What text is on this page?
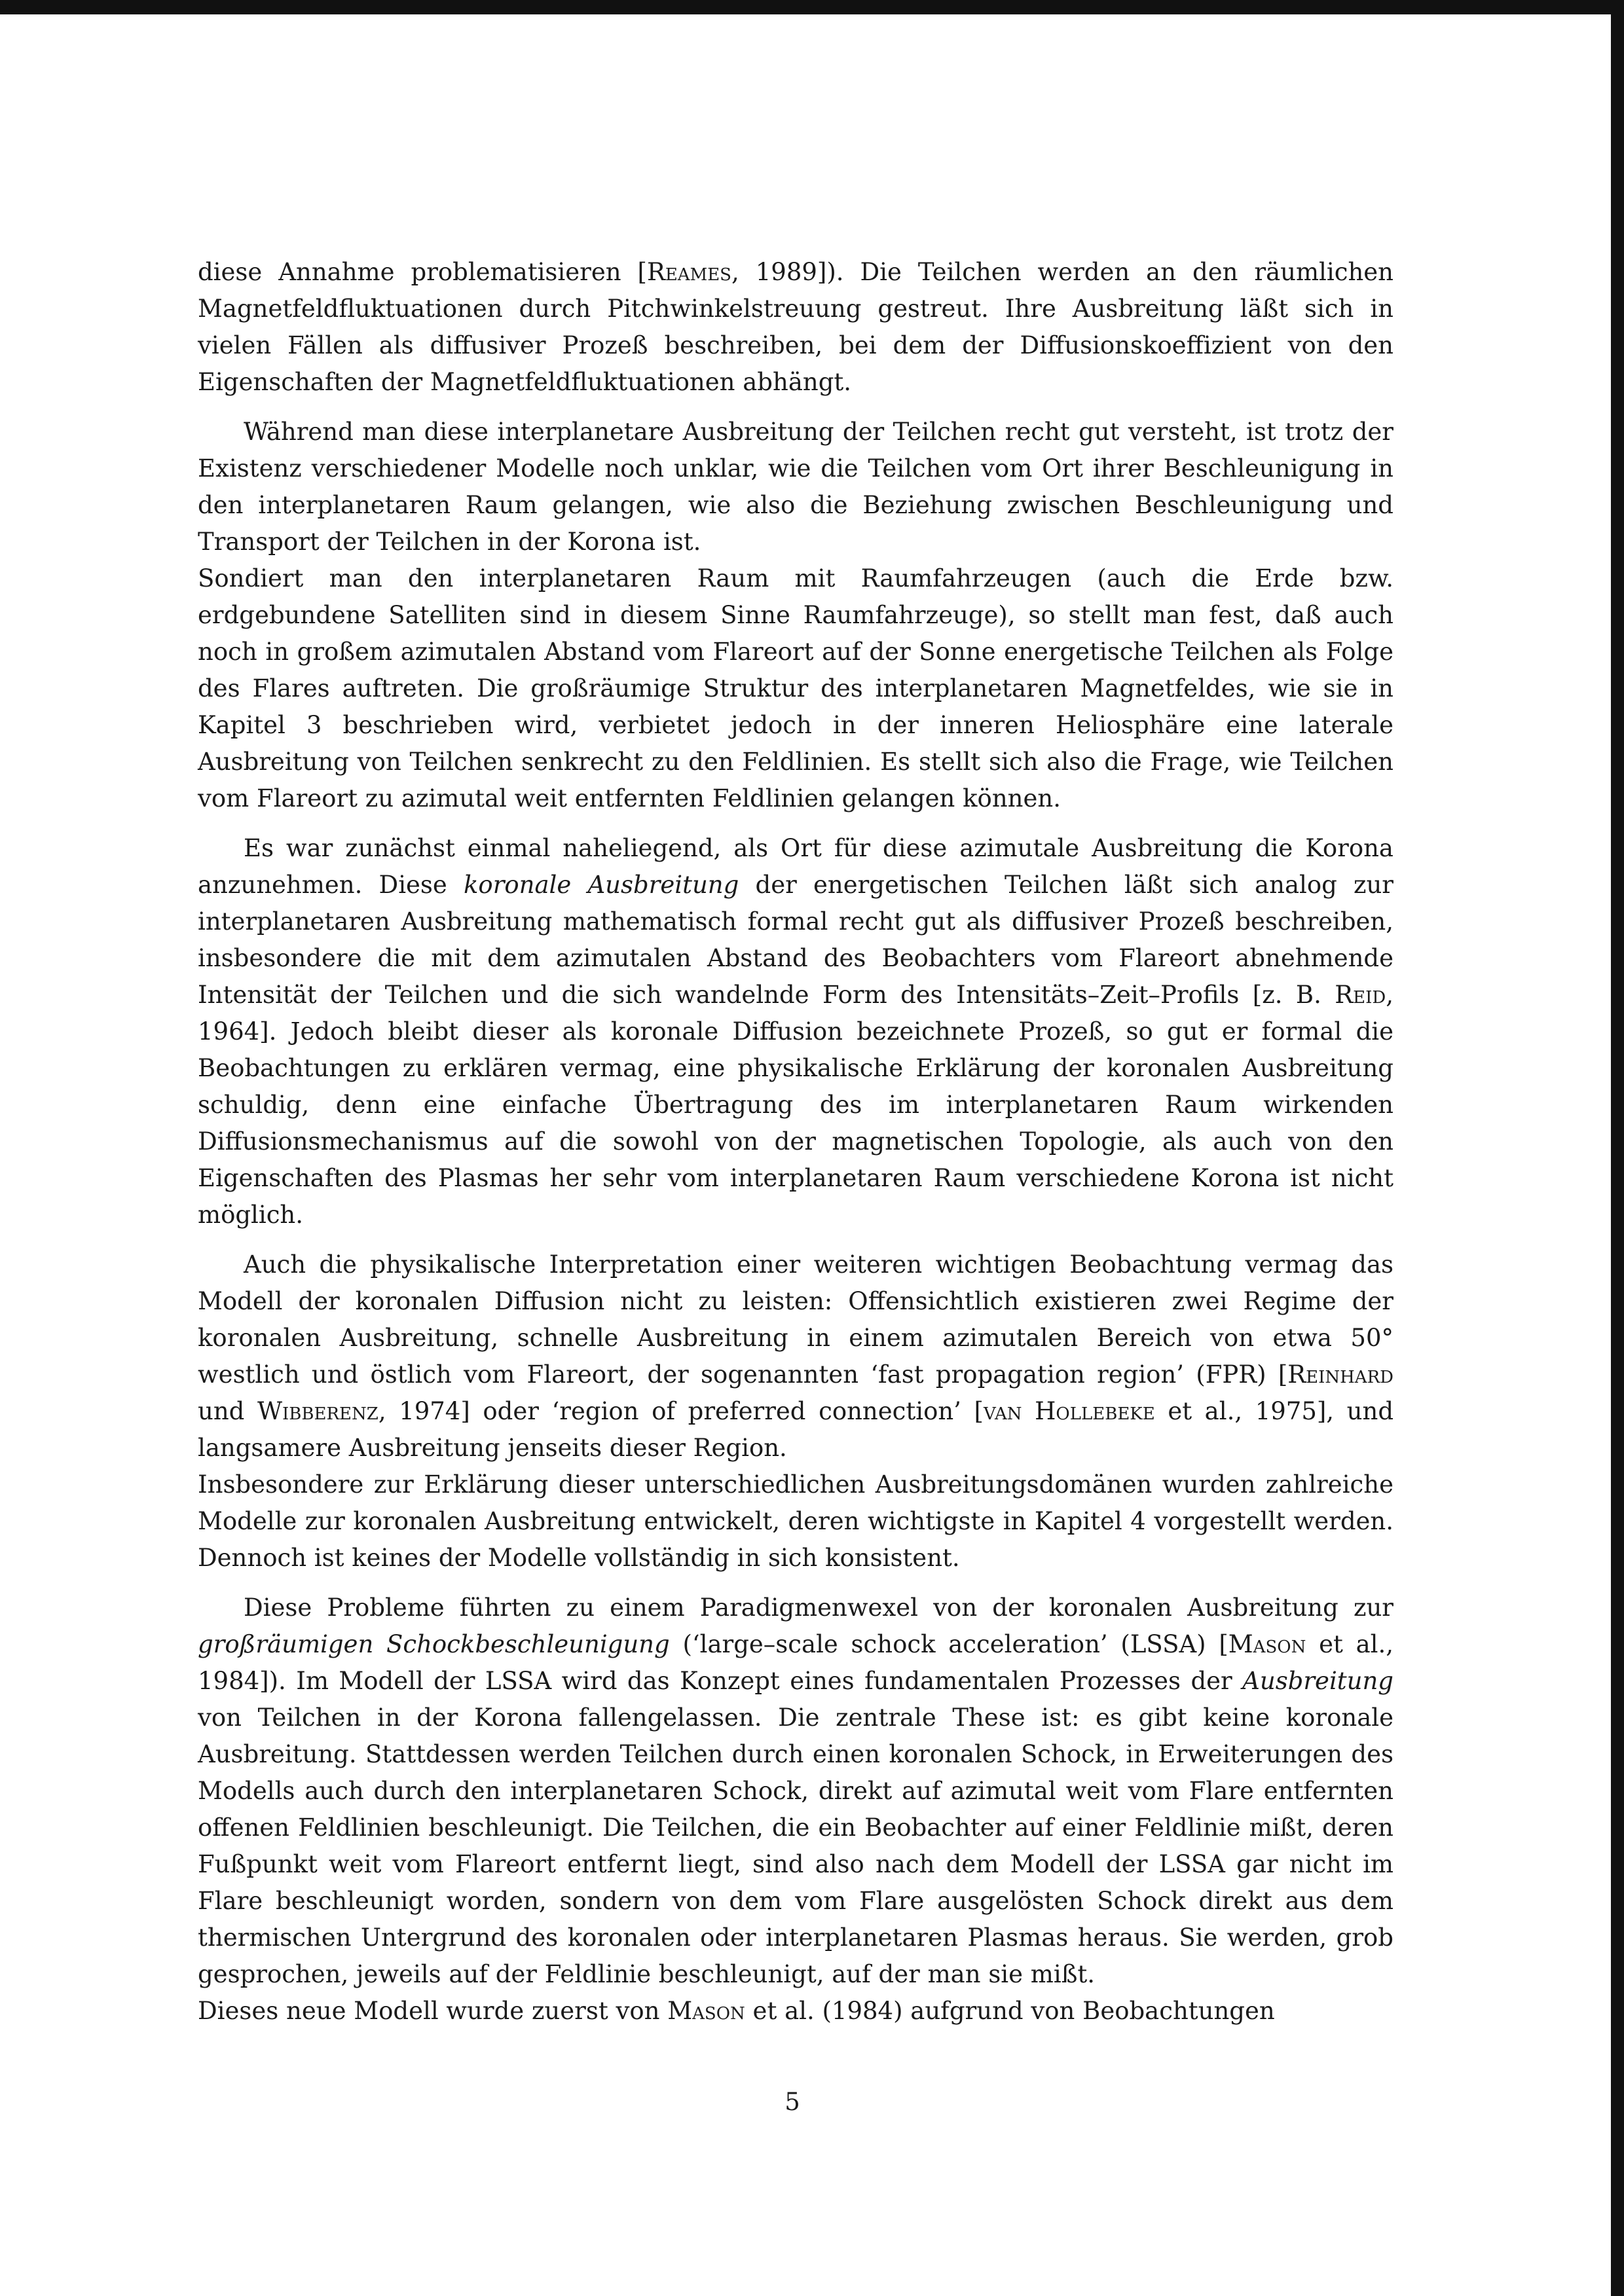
diese Annahme problematisieren [Reames, 1989]). Die Teilchen werden an den räumlichen Magnetfeldfluktuationen durch Pitchwinkelstreuung gestreut. Ihre Ausbreitung läßt sich in vielen Fällen als diffusiver Prozeß beschreiben, bei dem der Diffusionskoeffizient von den Eigenschaften der Magnetfeldfluktuationen abhängt.

Während man diese interplanetare Ausbreitung der Teilchen recht gut versteht, ist trotz der Existenz verschiedener Modelle noch unklar, wie die Teilchen vom Ort ihrer Beschleunigung in den interplanetaren Raum gelangen, wie also die Beziehung zwischen Beschleunigung und Transport der Teilchen in der Korona ist.

Sondiert man den interplanetaren Raum mit Raumfahrzeugen (auch die Erde bzw. erdgebundene Satelliten sind in diesem Sinne Raumfahrzeuge), so stellt man fest, daß auch noch in großem azimutalen Abstand vom Flareort auf der Sonne energetische Teilchen als Folge des Flares auftreten. Die großräumige Struktur des interplanetaren Magnetfeldes, wie sie in Kapitel 3 beschrieben wird, verbietet jedoch in der inneren Heliosphäre eine laterale Ausbreitung von Teilchen senkrecht zu den Feldlinien. Es stellt sich also die Frage, wie Teilchen vom Flareort zu azimutal weit entfernten Feldlinien gelangen können.

Es war zunächst einmal naheliegend, als Ort für diese azimutale Ausbreitung die Korona anzunehmen. Diese koronale Ausbreitung der energetischen Teilchen läßt sich analog zur interplanetaren Ausbreitung mathematisch formal recht gut als diffusiver Prozeß beschreiben, insbesondere die mit dem azimutalen Abstand des Beobachters vom Flareort abnehmende Intensität der Teilchen und die sich wandelnde Form des Intensitäts–Zeit–Profils [z. B. Reid, 1964]. Jedoch bleibt dieser als koronale Diffusion bezeichnete Prozeß, so gut er formal die Beobachtungen zu erklären vermag, eine physikalische Erklärung der koronalen Ausbreitung schuldig, denn eine einfache Übertragung des im interplanetaren Raum wirkenden Diffusionsmechanismus auf die sowohl von der magnetischen Topologie, als auch von den Eigenschaften des Plasmas her sehr vom interplanetaren Raum verschiedene Korona ist nicht möglich.

Auch die physikalische Interpretation einer weiteren wichtigen Beobachtung vermag das Modell der koronalen Diffusion nicht zu leisten: Offensichtlich existieren zwei Regime der koronalen Ausbreitung, schnelle Ausbreitung in einem azimutalen Bereich von etwa 50° westlich und östlich vom Flareort, der sogenannten ‘fast propagation region’ (FPR) [Reinhard und Wibberenz, 1974] oder ‘region of preferred connection’ [van Hollebeke et al., 1975], und langsamere Ausbreitung jenseits dieser Region.

Insbesondere zur Erklärung dieser unterschiedlichen Ausbreitungsdomänen wurden zahlreiche Modelle zur koronalen Ausbreitung entwickelt, deren wichtigste in Kapitel 4 vorgestellt werden. Dennoch ist keines der Modelle vollständig in sich konsistent.

Diese Probleme führten zu einem Paradigmenwexel von der koronalen Ausbreitung zur großräumigen Schockbeschleunigung (‘large–scale schock acceleration’ (LSSA) [Mason et al., 1984]). Im Modell der LSSA wird das Konzept eines fundamentalen Prozesses der Ausbreitung von Teilchen in der Korona fallengelassen. Die zentrale These ist: es gibt keine koronale Ausbreitung. Stattdessen werden Teilchen durch einen koronalen Schock, in Erweiterungen des Modells auch durch den interplanetaren Schock, direkt auf azimutal weit vom Flare entfernten offenen Feldlinien beschleunigt. Die Teilchen, die ein Beobachter auf einer Feldlinie mißt, deren Fußpunkt weit vom Flareort entfernt liegt, sind also nach dem Modell der LSSA gar nicht im Flare beschleunigt worden, sondern von dem vom Flare ausgelösten Schock direkt aus dem thermischen Untergrund des koronalen oder interplanetaren Plasmas heraus. Sie werden, grob gesprochen, jeweils auf der Feldlinie beschleunigt, auf der man sie mißt.

Dieses neue Modell wurde zuerst von Mason et al. (1984) aufgrund von Beobachtungen

5
